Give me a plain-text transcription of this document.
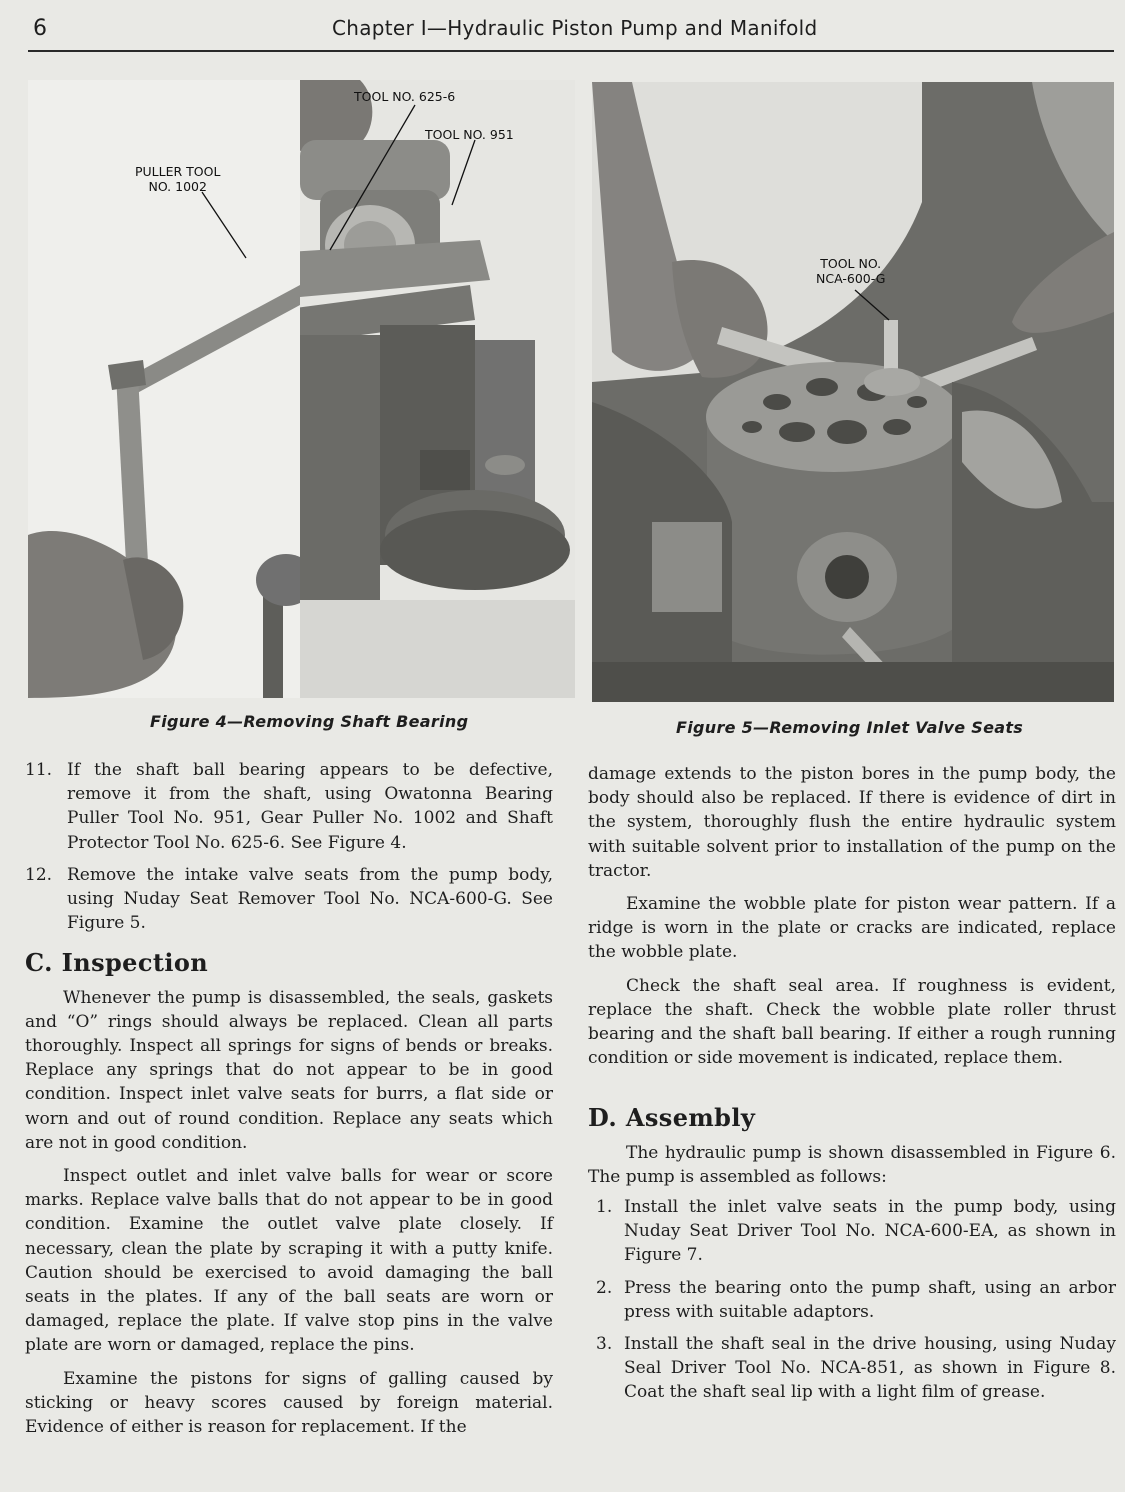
6	Chapter I—Hydraulic Piston Pump and Manifold
TOOL NO. 625-6
TOOL NO. 951
PULLER TOOL
NO. 1002
TOOL NO.
NCA-600-G
Figure 4—Removing Shaft Bearing	Figure 5—Removing Inlet Valve Seats
11. If the shaft ball bearing appears to be defective, remove it from the shaft, using Owatonna Bearing Puller Tool No. 951, Gear Puller No. 1002 and Shaft Protector Tool No. 625-6. See Figure 4.
12. Remove the intake valve seats from the pump body, using Nuday Seat Remover Tool No. NCA-600-G. See Figure 5.
C. Inspection

Whenever the pump is disassembled, the seals, gaskets and “O” rings should always be replaced. Clean all parts thoroughly. Inspect all springs for signs of bends or breaks. Replace any springs that do not appear to be in good condition. Inspect inlet valve seats for burrs, a flat side or worn and out of round condition. Replace any seats which are not in good condition.

Inspect outlet and inlet valve balls for wear or score marks. Replace valve balls that do not appear to be in good condition. Examine the outlet valve plate closely. If necessary, clean the plate by scraping it with a putty knife. Caution should be exercised to avoid damaging the ball seats in the plates. If any of the ball seats are worn or damaged, replace the plate. If valve stop pins in the valve plate are worn or damaged, replace the pins.

Examine the pistons for signs of galling caused by sticking or heavy scores caused by foreign material. Evidence of either is reason for replacement. If the

damage extends to the piston bores in the pump body, the body should also be replaced. If there is evidence of dirt in the system, thoroughly flush the entire hydraulic system with suitable solvent prior to installation of the pump on the tractor.

Examine the wobble plate for piston wear pattern. If a ridge is worn in the plate or cracks are indicated, replace the wobble plate.

Check the shaft seal area. If roughness is evident, replace the shaft. Check the wobble plate roller thrust bearing and the shaft ball bearing. If either a rough running condition or side movement is indicated, replace them.

D. Assembly

The hydraulic pump is shown disassembled in Figure 6. The pump is assembled as follows:

1. Install the inlet valve seats in the pump body, using Nuday Seat Driver Tool No. NCA-600-EA, as shown in Figure 7.
2. Press the bearing onto the pump shaft, using an arbor press with suitable adaptors.
3. Install the shaft seal in the drive housing, using Nuday Seal Driver Tool No. NCA-851, as shown in Figure 8. Coat the shaft seal lip with a light film of grease.
